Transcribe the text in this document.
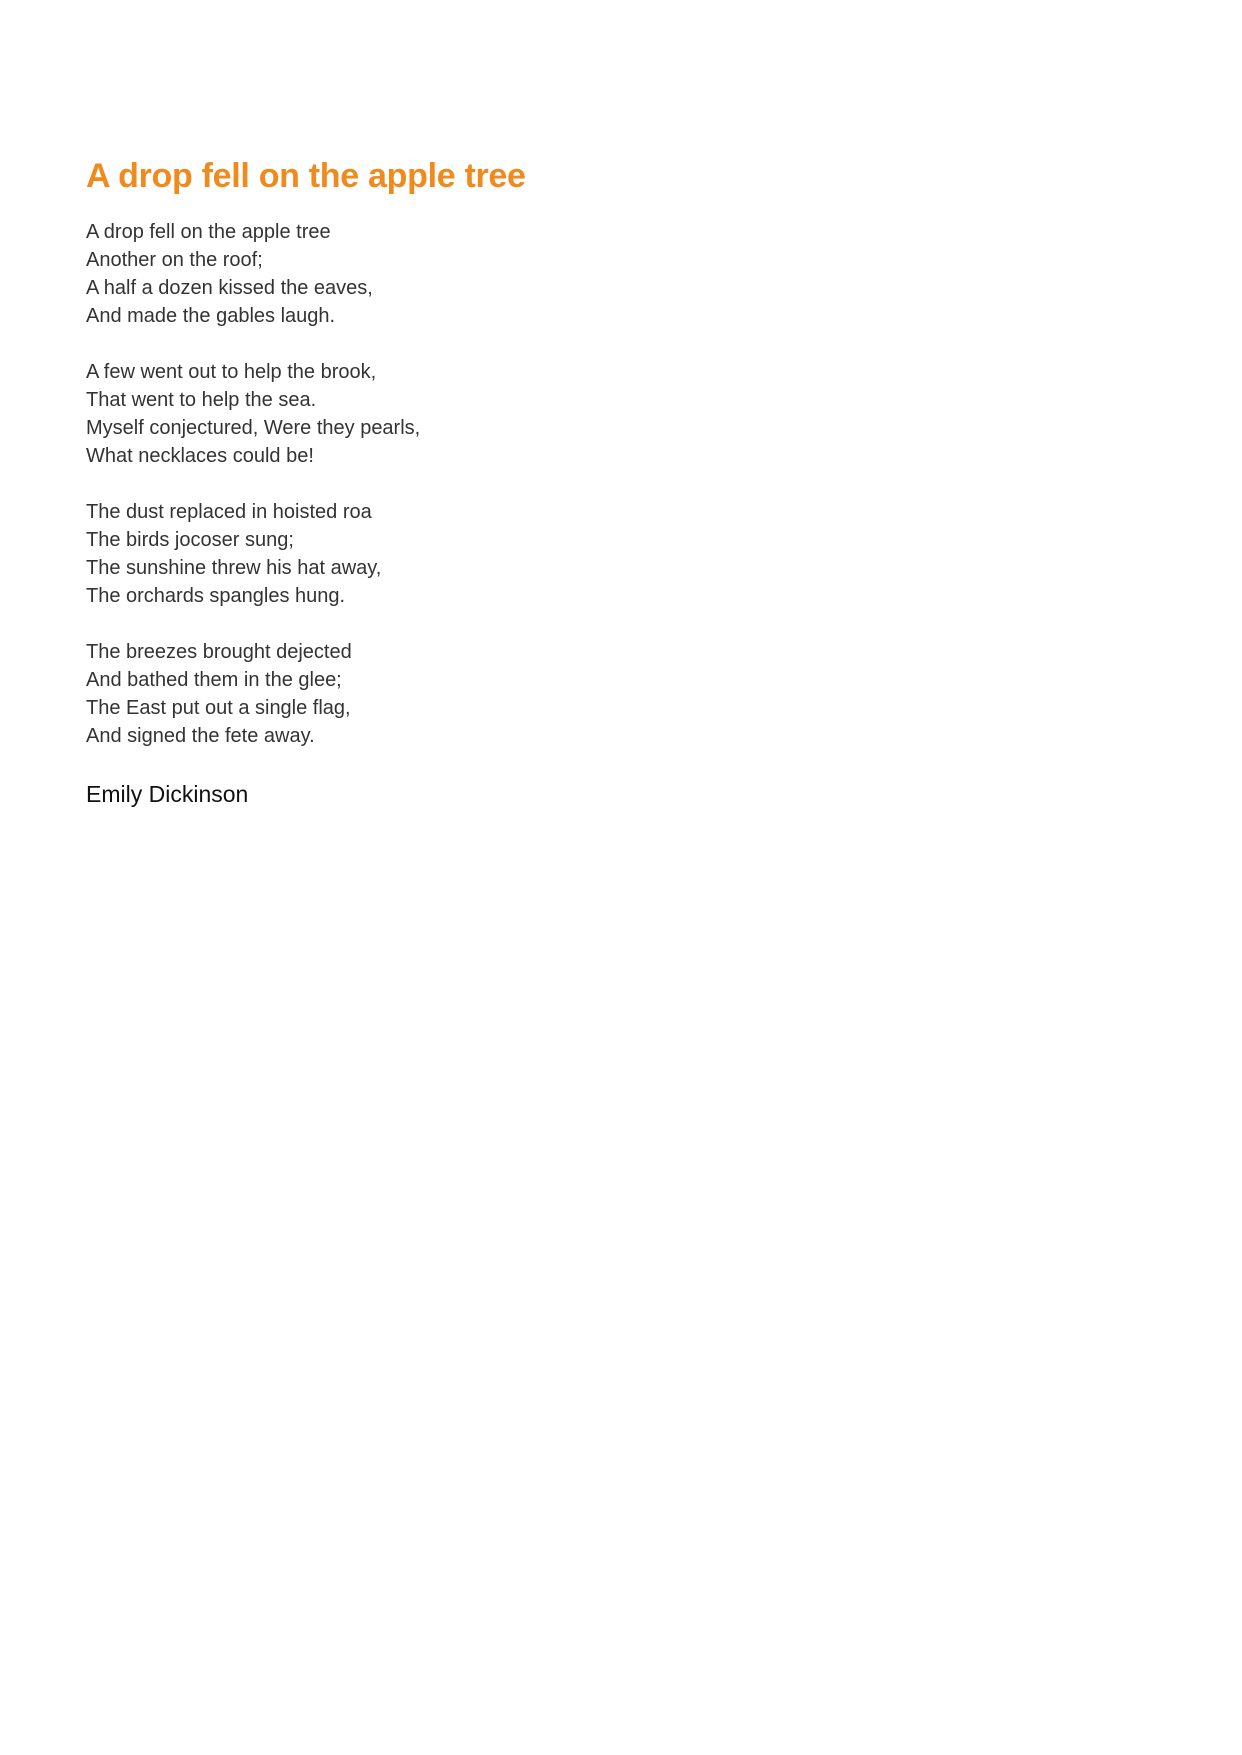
A drop fell on the apple tree
A drop fell on the apple tree
Another on the roof;
A half a dozen kissed the eaves,
And made the gables laugh.
A few went out to help the brook,
That went to help the sea.
Myself conjectured, Were they pearls,
What necklaces could be!
The dust replaced in hoisted roa
The birds jocoser sung;
The sunshine threw his hat away,
The orchards spangles hung.
The breezes brought dejected
And bathed them in the glee;
The East put out a single flag,
And signed the fete away.
Emily Dickinson
